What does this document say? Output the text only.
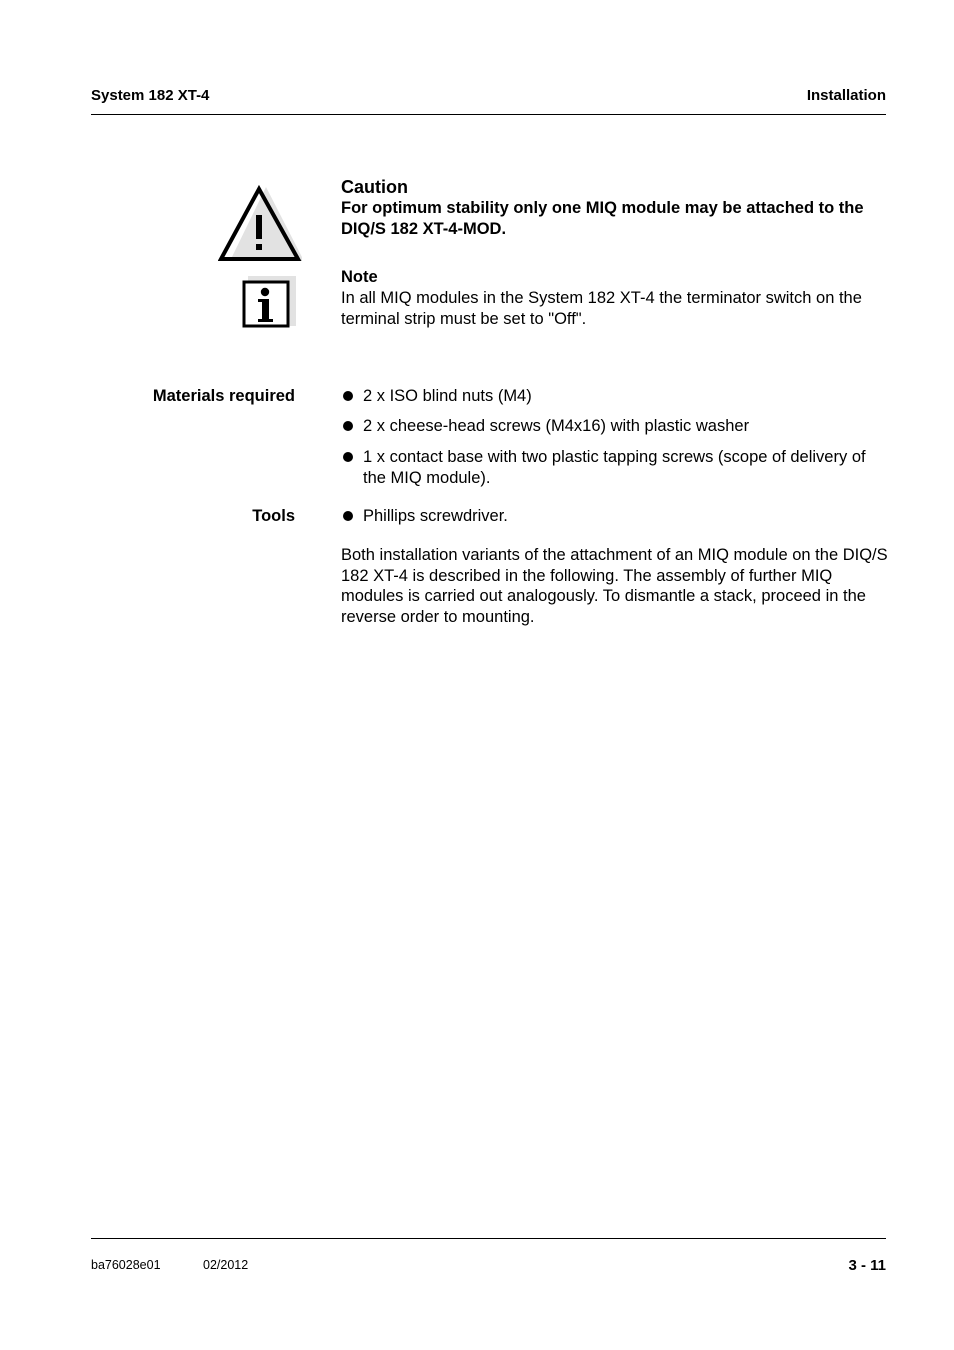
System 182 XT-4	Installation
Caution
For optimum stability only one MIQ module may be attached to the DIQ/S 182 XT-4-MOD.
Note
In all MIQ modules in the System 182 XT-4 the terminator switch on the terminal strip must be set to "Off".
Materials required	2 x ISO blind nuts (M4)
2 x cheese-head screws (M4x16) with plastic washer
1 x contact base with two plastic tapping screws (scope of delivery of the MIQ module).
Tools	Phillips screwdriver.
Both installation variants of the attachment of an MIQ module on the DIQ/S 182 XT-4 is described in the following. The assembly of further MIQ modules is carried out analogously. To dismantle a stack, proceed in the reverse order to mounting.
ba76028e01	02/2012	3 - 11
